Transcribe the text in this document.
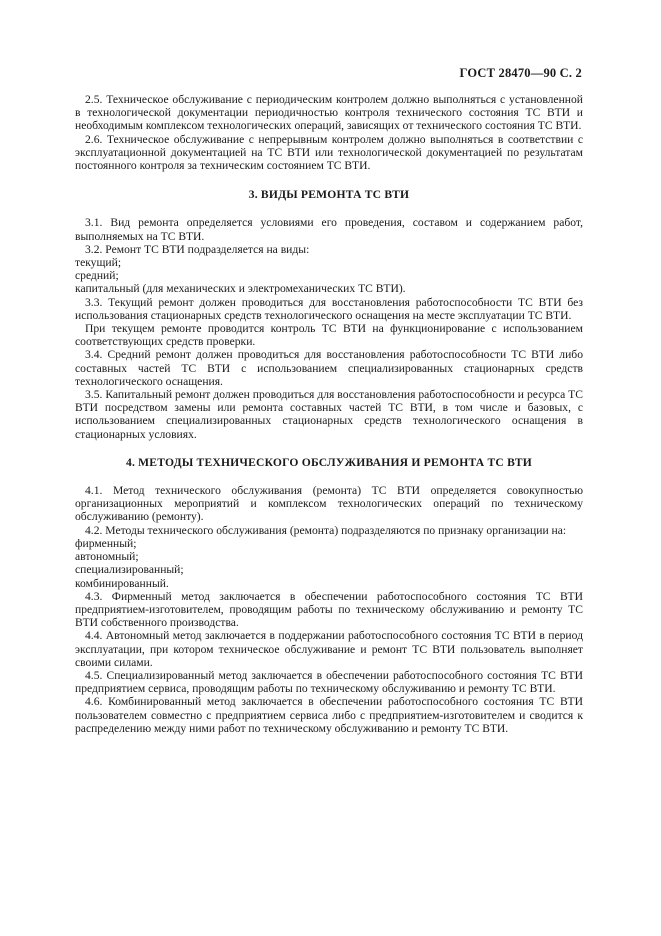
ГОСТ 28470—90 С. 2

2.5. Техническое обслуживание с периодическим контролем должно выполняться с установленной в технологической документации периодичностью контроля технического состояния ТС ВТИ и необходимым комплексом технологических операций, зависящих от технического состояния ТС ВТИ.

2.6. Техническое обслуживание с непрерывным контролем должно выполняться в соответствии с эксплуатационной документацией на ТС ВТИ или технологической документацией по результатам постоянного контроля за техническим состоянием ТС ВТИ.

3. ВИДЫ РЕМОНТА ТС ВТИ

3.1. Вид ремонта определяется условиями его проведения, составом и содержанием работ, выполняемых на ТС ВТИ.

3.2. Ремонт ТС ВТИ подразделяется на виды:

текущий;

средний;

капитальный (для механических и электромеханических ТС ВТИ).

3.3. Текущий ремонт должен проводиться для восстановления работоспособности ТС ВТИ без использования стационарных средств технологического оснащения на месте эксплуатации ТС ВТИ.

При текущем ремонте проводится контроль ТС ВТИ на функционирование с использованием соответствующих средств проверки.

3.4. Средний ремонт должен проводиться для восстановления работоспособности ТС ВТИ либо составных частей ТС ВТИ с использованием специализированных стационарных средств технологического оснащения.

3.5. Капитальный ремонт должен проводиться для восстановления работоспособности и ресурса ТС ВТИ посредством замены или ремонта составных частей ТС ВТИ, в том числе и базовых, с использованием специализированных стационарных средств технологического оснащения в стационарных условиях.

4. МЕТОДЫ ТЕХНИЧЕСКОГО ОБСЛУЖИВАНИЯ И РЕМОНТА ТС ВТИ

4.1. Метод технического обслуживания (ремонта) ТС ВТИ определяется совокупностью организационных мероприятий и комплексом технологических операций по техническому обслуживанию (ремонту).

4.2. Методы технического обслуживания (ремонта) подразделяются по признаку организации на:

фирменный;

автономный;

специализированный;

комбинированный.

4.3. Фирменный метод заключается в обеспечении работоспособного состояния ТС ВТИ предприятием-изготовителем, проводящим работы по техническому обслуживанию и ремонту ТС ВТИ собственного производства.

4.4. Автономный метод заключается в поддержании работоспособного состояния ТС ВТИ в период эксплуатации, при котором техническое обслуживание и ремонт ТС ВТИ пользователь выполняет своими силами.

4.5. Специализированный метод заключается в обеспечении работоспособного состояния ТС ВТИ предприятием сервиса, проводящим работы по техническому обслуживанию и ремонту ТС ВТИ.

4.6. Комбинированный метод заключается в обеспечении работоспособного состояния ТС ВТИ пользователем совместно с предприятием сервиса либо с предприятием-изготовителем и сводится к распределению между ними работ по техническому обслуживанию и ремонту ТС ВТИ.
